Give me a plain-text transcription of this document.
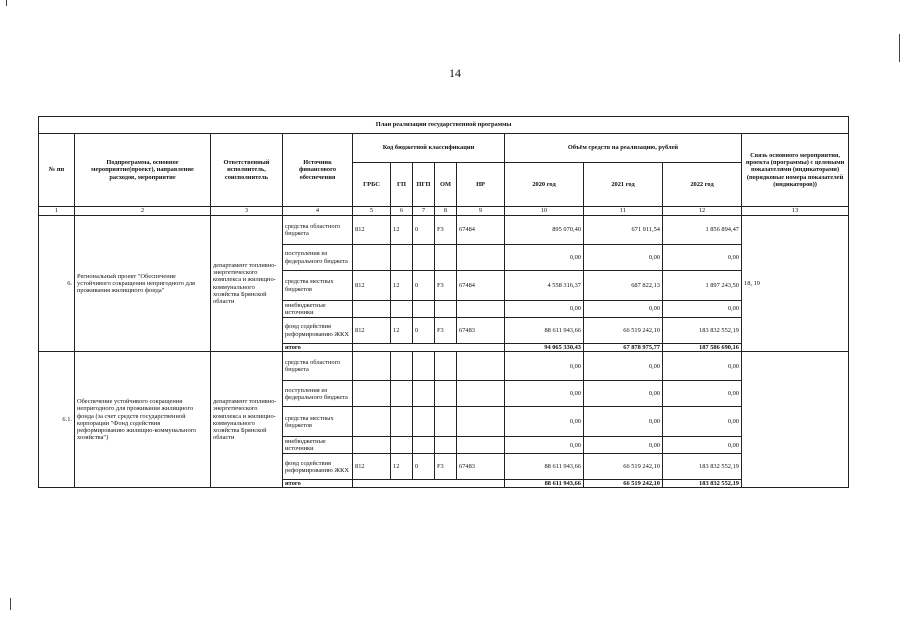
14
План реализации государственной программы												
№ пп	Подпрограмма, основное мероприятие(проект), направление расходов, мероприятие	Ответственный исполнитель, соисполнитель	Источник финансового обеспечения	Код бюджетной классификации					Объём средств на реализацию, рублей			Связь основного мероприятия, проекта (программы) с целевыми показателями (индикаторами) (порядковые номера показателей (индикаторов))
				ГРБС	ГП	ПГП	ОМ	НР	2020 год	2021 год	2022 год	
1	2	3	4	5	6	7	8	9	10	11	12	13
6.	Региональный проект "Обеспечение устойчивого сокращения непригодного для проживания жилищного фонда"	департамент топливно-энергетического комплекса и жилищно-коммунального хозяйства Брянской области	средства областного бюджета	812	12	0	F3	67484	895 070,40	671 911,54	1 856 894,47	18, 19
			поступления из федерального бюджета						0,00	0,00	0,00	
			средства местных бюджетов	812	12	0	F3	67484	4 558 316,37	687 822,13	1 897 243,50	
			внебюджетные источники						0,00	0,00	0,00	
			фонд содействия реформированию ЖКХ	812	12	0	F3	67483	88 611 943,66	66 519 242,10	183 832 552,19	
			итого						94 065 330,43	67 878 975,77	187 586 690,16	
6.1.	Обеспечение устойчивого сокращения непригодного для проживания жилищного фонда (за счет средств государственной корпорации "Фонд содействия реформированию жилищно-коммунального хозяйства")	департамент топливно-энергетического комплекса и жилищно-коммунального хозяйства Брянской области	средства областного бюджета						0,00	0,00	0,00	
			поступления из федерального бюджета						0,00	0,00	0,00	
			средства местных бюджетов						0,00	0,00	0,00	
			внебюджетные источники						0,00	0,00	0,00	
			фонд содействия реформированию ЖКХ	812	12	0	F3	67483	88 611 943,66	66 519 242,10	183 832 552,19	
			итого						88 611 943,66	66 519 242,10	183 832 552,19	
